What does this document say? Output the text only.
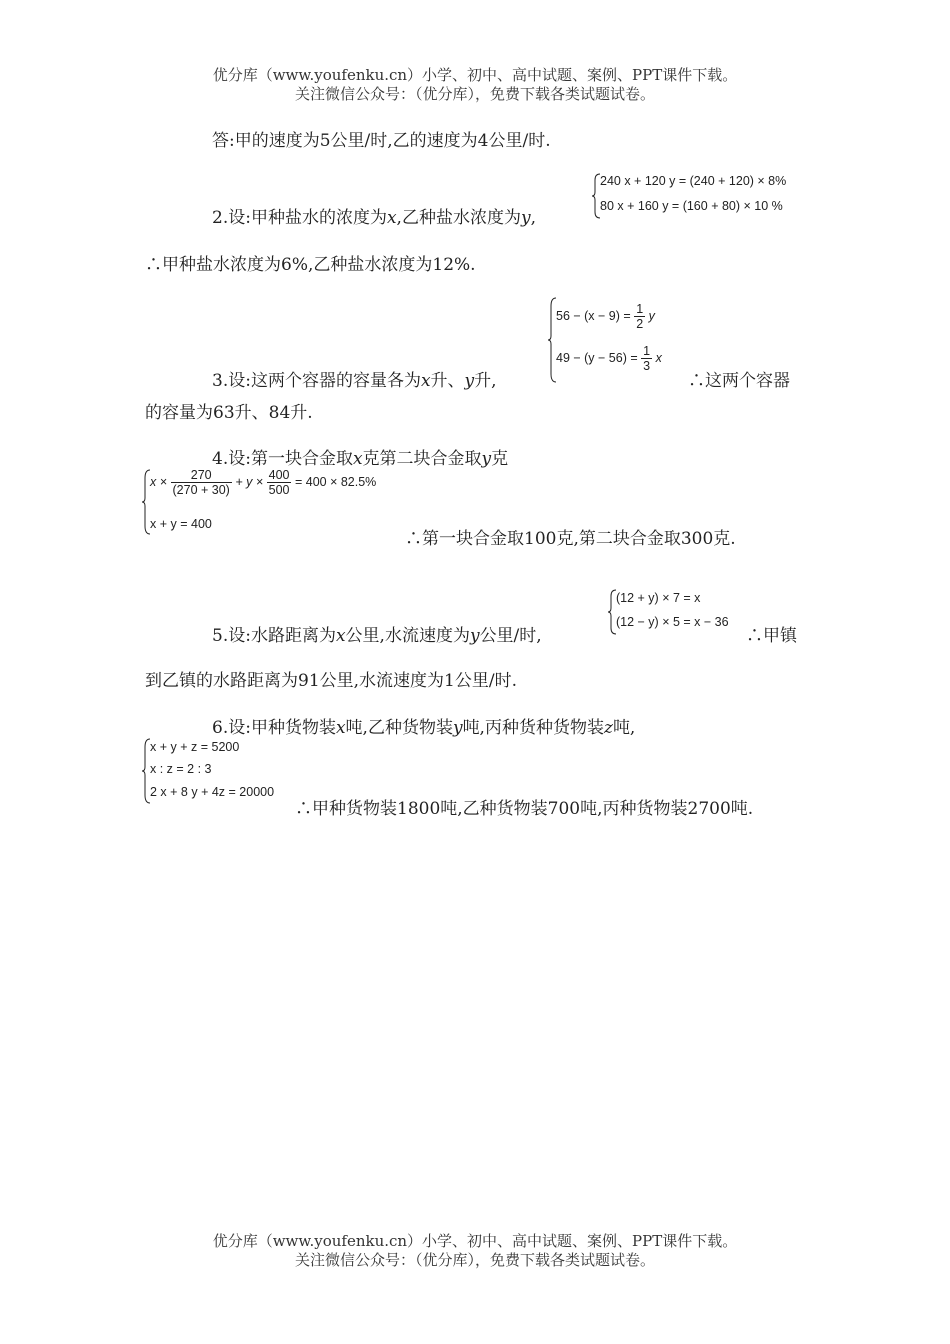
优分库（www.youfenku.cn）小学、初中、高中试题、案例、PPT课件下载。
关注微信公众号：（优分库），免费下载各类试题试卷。
答:甲的速度为5公里/时,乙的速度为4公里/时.
2.设:甲种盐水的浓度为x,乙种盐水浓度为y,
240 x + 120 y = (240 + 120) × 8%
80 x + 160 y = (160 + 80) × 10 %
∴甲种盐水浓度为6%,乙种盐水浓度为12%.
3.设:这两个容器的容量各为x升、y升,
$56 - (x - 9) = \frac{1}{2}$ y
$49 - (y - 56) = \frac{1}{3}$ x
∴这两个容器
的容量为63升、84升.
4.设:第一块合金取x克第二块合金取y克
$x \times \frac{270}{(270 + 30)} + y \times \frac{400}{500} = 400 \times 82.5\%$
x + y = 400
∴第一块合金取100克,第二块合金取300克.
5.设:水路距离为x公里,水流速度为y公里/时,
(12 + y) × 7 = x
(12 − y) × 5 = x − 36
∴甲镇
到乙镇的水路距离为91公里,水流速度为1公里/时.
6.设:甲种货物装x吨,乙种货物装y吨,丙种货种货物装z吨,
x + y + z = 5200
x : z = 2 : 3
2 x + 8 y + 4z = 20000
∴甲种货物装1800吨,乙种货物装700吨,丙种货物装2700吨.
优分库（www.youfenku.cn）小学、初中、高中试题、案例、PPT课件下载。
关注微信公众号：（优分库），免费下载各类试题试卷。
